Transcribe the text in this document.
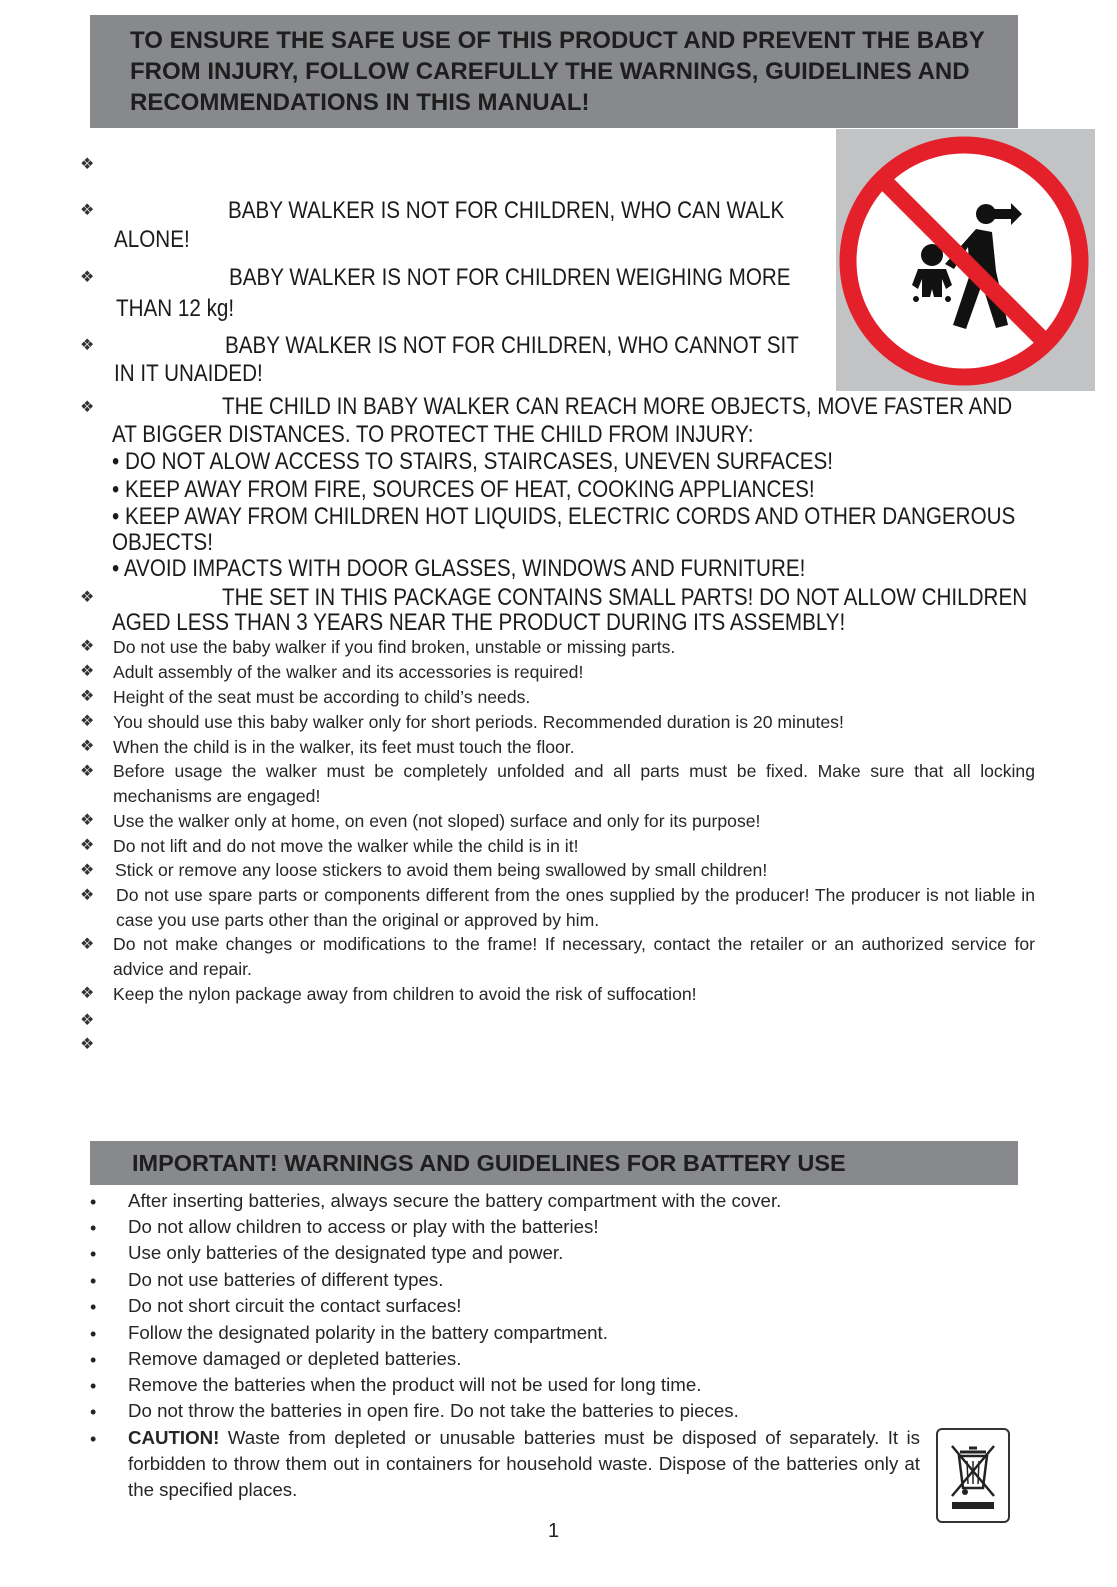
TO ENSURE THE SAFE USE OF THIS PRODUCT AND PREVENT THE BABY
FROM INJURY, FOLLOW CAREFULLY THE WARNINGS, GUIDELINES AND
RECOMMENDATIONS IN THIS MANUAL!
❖
❖
❖
❖
❖
❖
BABY WALKER IS NOT FOR CHILDREN, WHO CAN WALK
ALONE!
BABY WALKER IS NOT FOR CHILDREN WEIGHING MORE
THAN 12 kg!
BABY WALKER IS NOT FOR CHILDREN, WHO CANNOT SIT
IN IT UNAIDED!
THE CHILD IN BABY WALKER CAN REACH MORE OBJECTS, MOVE FASTER AND
AT BIGGER DISTANCES. TO PROTECT THE CHILD FROM INJURY:
• DO NOT ALOW ACCESS TO STAIRS, STAIRCASES, UNEVEN SURFACES!
• KEEP AWAY FROM FIRE, SOURCES OF HEAT, COOKING APPLIANCES!
• KEEP AWAY FROM CHILDREN HOT LIQUIDS, ELECTRIC CORDS AND OTHER DANGEROUS
OBJECTS!
• AVOID IMPACTS WITH DOOR GLASSES, WINDOWS AND FURNITURE!
THE SET IN THIS PACKAGE CONTAINS SMALL PARTS! DO NOT ALLOW CHILDREN
AGED LESS THAN 3 YEARS NEAR THE PRODUCT DURING ITS ASSEMBLY!
❖ Do not use the baby walker if you find broken, unstable or missing parts.
❖ Adult assembly of the walker and its accessories is required!
❖ Height of the seat must be according to child’s needs.
❖ You should use this baby walker only for short periods. Recommended duration is 20 minutes!
❖ When the child is in the walker, its feet must touch the floor.
❖ Before usage the walker must be completely unfolded and all parts must be fixed. Make sure that all locking mechanisms are engaged!
❖ Use the walker only at home, on even (not sloped) surface and only for its purpose!
❖ Do not lift and do not move the walker while the child is in it!
❖ Stick or remove any loose stickers to avoid them being swallowed by small children!
❖ Do not use spare parts or components different from the ones supplied by the producer! The producer is not liable in case you use parts other than the original or approved by him.
❖ Do not make changes or modifications to the frame! If necessary, contact the retailer or an authorized service for advice and repair.
❖ Keep the nylon package away from children to avoid the risk of suffocation!
❖
❖
IMPORTANT! WARNINGS AND GUIDELINES FOR BATTERY USE
• After inserting batteries, always secure the battery compartment with the cover.
• Do not allow children to access or play with the batteries!
• Use only batteries of the designated type and power.
• Do not use batteries of different types.
• Do not short circuit the contact surfaces!
• Follow the designated polarity in the battery compartment.
• Remove damaged or depleted batteries.
• Remove the batteries when the product will not be used for long time.
• Do not throw the batteries in open fire. Do not take the batteries to pieces.
• CAUTION! Waste from depleted or unusable batteries must be disposed of separately. It is forbidden to throw them out in containers for household waste. Dispose of the batteries only at the specified places.
1
